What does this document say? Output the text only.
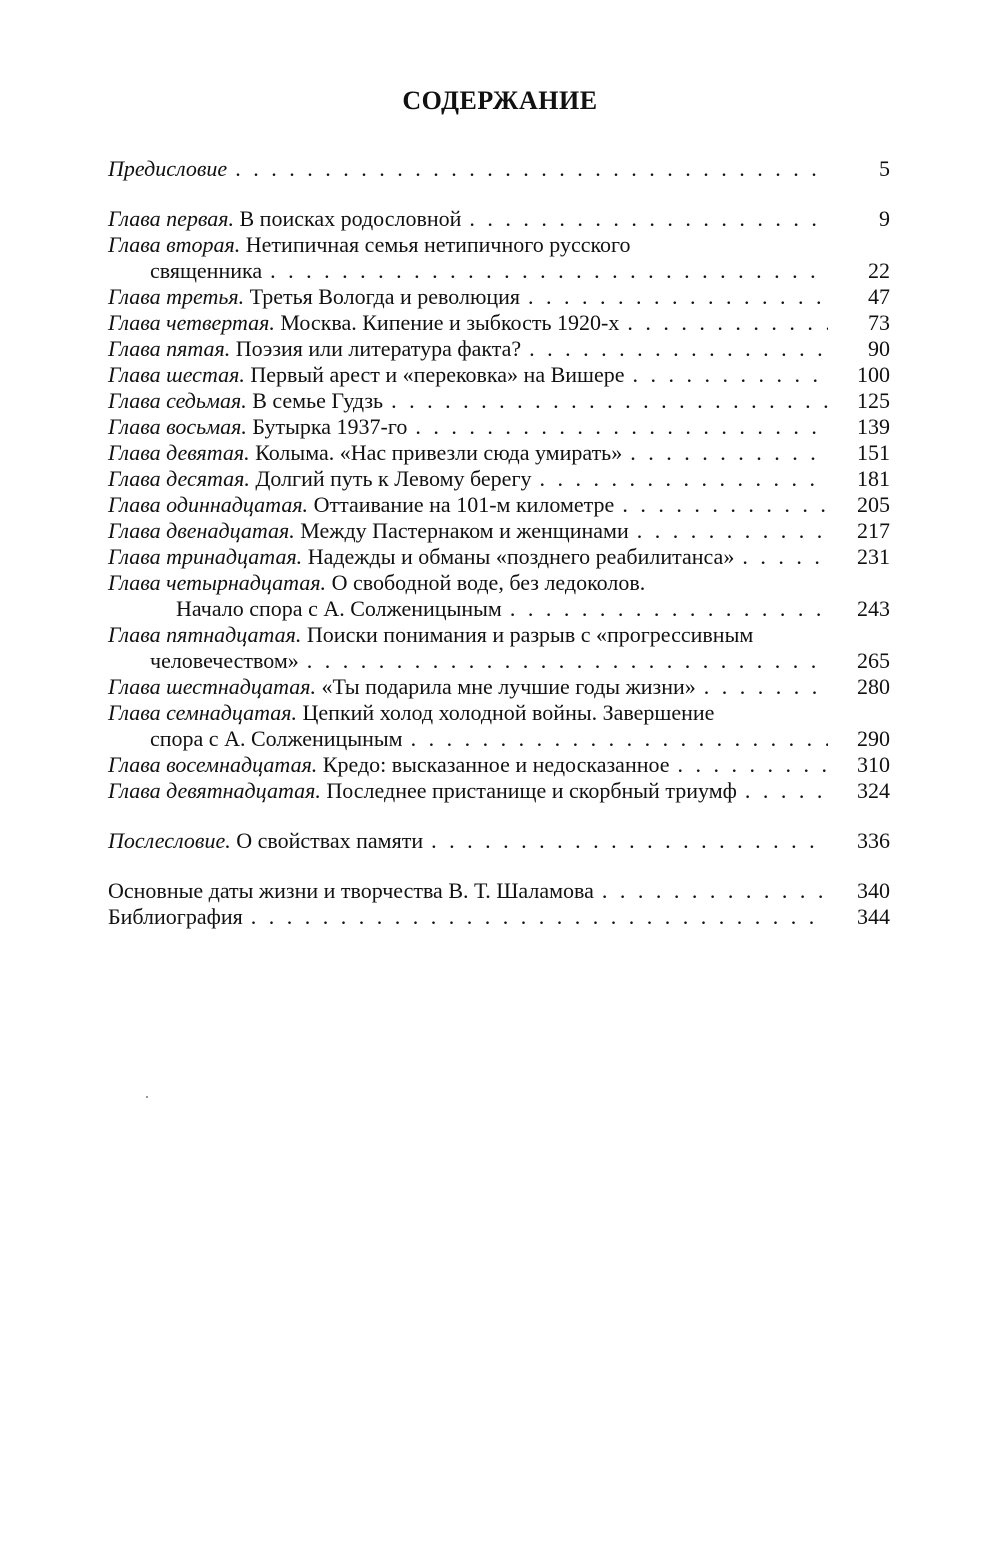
СОДЕРЖАНИЕ
Предисловие . . .	5
Глава первая. В поисках родословной . . .	9
Глава вторая. Нетипичная семья нетипичного русского
священника . . .	22
Глава третья. Третья Вологда и революция . . .	47
Глава четвертая. Москва. Кипение и зыбкость 1920-х . . .	73
Глава пятая. Поэзия или литература факта? . . .	90
Глава шестая. Первый арест и «перековка» на Вишере . . .	100
Глава седьмая. В семье Гудзь . . .	125
Глава восьмая. Бутырка 1937-го . . .	139
Глава девятая. Колыма. «Нас привезли сюда умирать» . . .	151
Глава десятая. Долгий путь к Левому берегу . . .	181
Глава одиннадцатая. Оттаивание на 101-м километре . . .	205
Глава двенадцатая. Между Пастернаком и женщинами . . .	217
Глава тринадцатая. Надежды и обманы «позднего реабилитанса» . . .	231
Глава четырнадцатая. О свободной воде, без ледоколов.
Начало спора с А. Солженицыным . . .	243
Глава пятнадцатая. Поиски понимания и разрыв с «прогрессивным
человечеством» . . .	265
Глава шестнадцатая. «Ты подарила мне лучшие годы жизни» . . .	280
Глава семнадцатая. Цепкий холод холодной войны. Завершение
спора с А. Солженицыным . . .	290
Глава восемнадцатая. Кредо: высказанное и недосказанное . . .	310
Глава девятнадцатая. Последнее пристанище и скорбный триумф . . .	324
Послесловие. О свойствах памяти . . .	336
Основные даты жизни и творчества В. Т. Шаламова . . .	340
Библиография . . .	344
